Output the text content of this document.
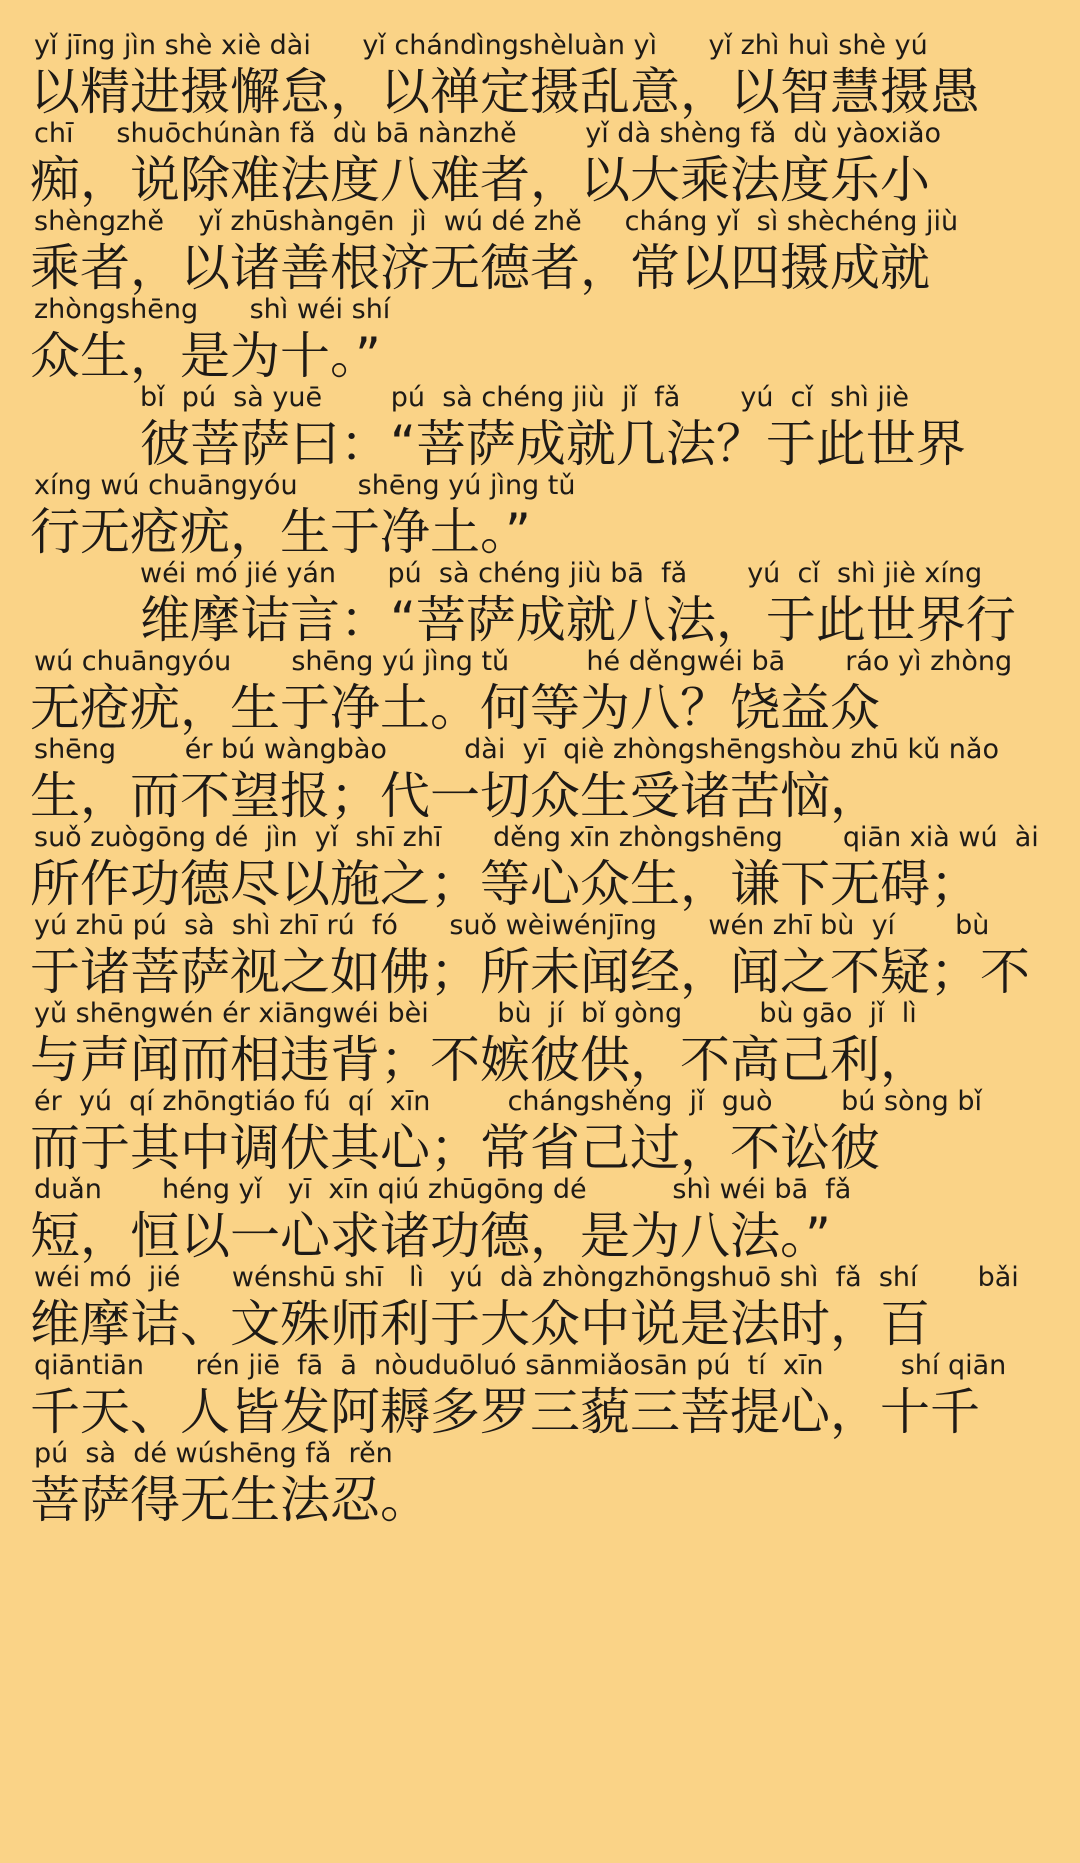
yǐ jīng jìn shè xiè dài      yǐ chándìngshèluàn yì      yǐ zhì huì shè yú
以精进摄懈怠，以禅定摄乱意，以智慧摄愚
chī     shuōchúnàn fǎ  dù bā nànzhě        yǐ dà shèng fǎ  dù yàoxiǎo
痴，说除难法度八难者，以大乘法度乐小
shèngzhě    yǐ zhūshàngēn  jì  wú dé zhě     cháng yǐ  sì shèchéng jiù
乘者，以诸善根济无德者，常以四摄成就
zhòngshēng      shì wéi shí
众生，是为十。”
bǐ  pú  sà yuē        pú  sà chéng jiù  jǐ  fǎ       yú  cǐ  shì jiè
彼菩萨曰：“菩萨成就几法？于此世界
xíng wú chuāngyóu       shēng yú jìng tǔ
行无疮疣，生于净土。”
wéi mó jié yán      pú  sà chéng jiù bā  fǎ       yú  cǐ  shì jiè xíng
维摩诘言：“菩萨成就八法，于此世界行
wú chuāngyóu       shēng yú jìng tǔ         hé děngwéi bā       ráo yì zhòng
无疮疣，生于净土。何等为八？饶益众
shēng        ér bú wàngbào         dài  yī  qiè zhòngshēngshòu zhū kǔ nǎo
生，而不望报；代一切众生受诸苦恼，
suǒ zuògōng dé  jìn  yǐ  shī zhī      děng xīn zhòngshēng       qiān xià wú  ài
所作功德尽以施之；等心众生，谦下无碍；
yú zhū pú  sà  shì zhī rú  fó      suǒ wèiwénjīng      wén zhī bù  yí       bù
于诸菩萨视之如佛；所未闻经，闻之不疑；不
yǔ shēngwén ér xiāngwéi bèi        bù  jí  bǐ gòng         bù gāo  jǐ  lì
与声闻而相违背；不嫉彼供，不高己利，
ér  yú  qí zhōngtiáo fú  qí  xīn         chángshěng  jǐ  guò        bú sòng bǐ
而于其中调伏其心；常省己过，不讼彼
duǎn       héng yǐ   yī  xīn qiú zhūgōng dé          shì wéi bā  fǎ
短，恒以一心求诸功德，是为八法。”
wéi mó  jié      wénshū shī   lì   yú  dà zhòngzhōngshuō shì  fǎ  shí       bǎi
维摩诘、文殊师利于大众中说是法时，百
qiāntiān      rén jiē  fā  ā  nòuduōluó sānmiǎosān pú  tí  xīn         shí qiān
千天、人皆发阿耨多罗三藐三菩提心，十千
pú  sà  dé wúshēng fǎ  rěn
菩萨得无生法忍。
